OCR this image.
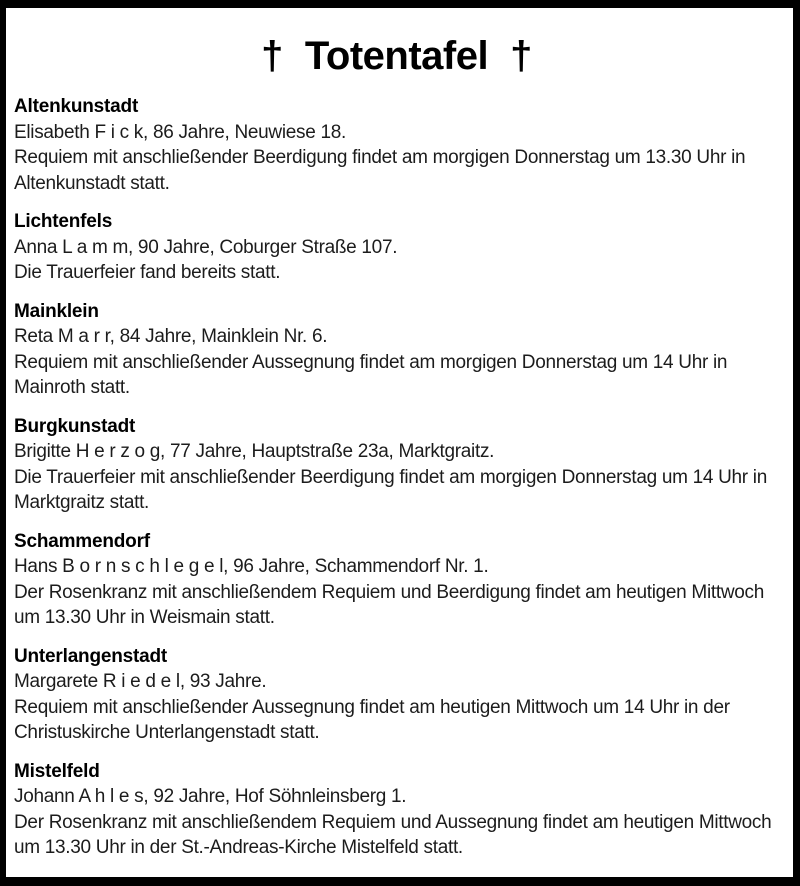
† Totentafel †
Altenkunstadt
Elisabeth F i c k, 86 Jahre, Neuwiese 18.
Requiem mit anschließender Beerdigung findet am morgigen Donnerstag um 13.30 Uhr in Altenkunstadt statt.
Lichtenfels
Anna L a m m, 90 Jahre, Coburger Straße 107.
Die Trauerfeier fand bereits statt.
Mainklein
Reta M a r r, 84 Jahre, Mainklein Nr. 6.
Requiem mit anschließender Aussegnung findet am morgigen Donnerstag um 14 Uhr in Mainroth statt.
Burgkunstadt
Brigitte H e r z o g, 77 Jahre, Hauptstraße 23a, Marktgraitz.
Die Trauerfeier mit anschließender Beerdigung findet am morgigen Donnerstag um 14 Uhr in Marktgraitz statt.
Schammendorf
Hans B o r n s c h l e g e l, 96 Jahre, Schammendorf Nr. 1.
Der Rosenkranz mit anschließendem Requiem und Beerdigung findet am heutigen Mittwoch um 13.30 Uhr in Weismain statt.
Unterlangenstadt
Margarete R i e d e l, 93 Jahre.
Requiem mit anschließender Aussegnung findet am heutigen Mittwoch um 14 Uhr in der Christuskirche Unterlangenstadt statt.
Mistelfeld
Johann A h l e s, 92 Jahre, Hof Söhnleinsberg 1.
Der Rosenkranz mit anschließendem Requiem und Aussegnung findet am heutigen Mittwoch um 13.30 Uhr in der St.-Andreas-Kirche Mistelfeld statt.
